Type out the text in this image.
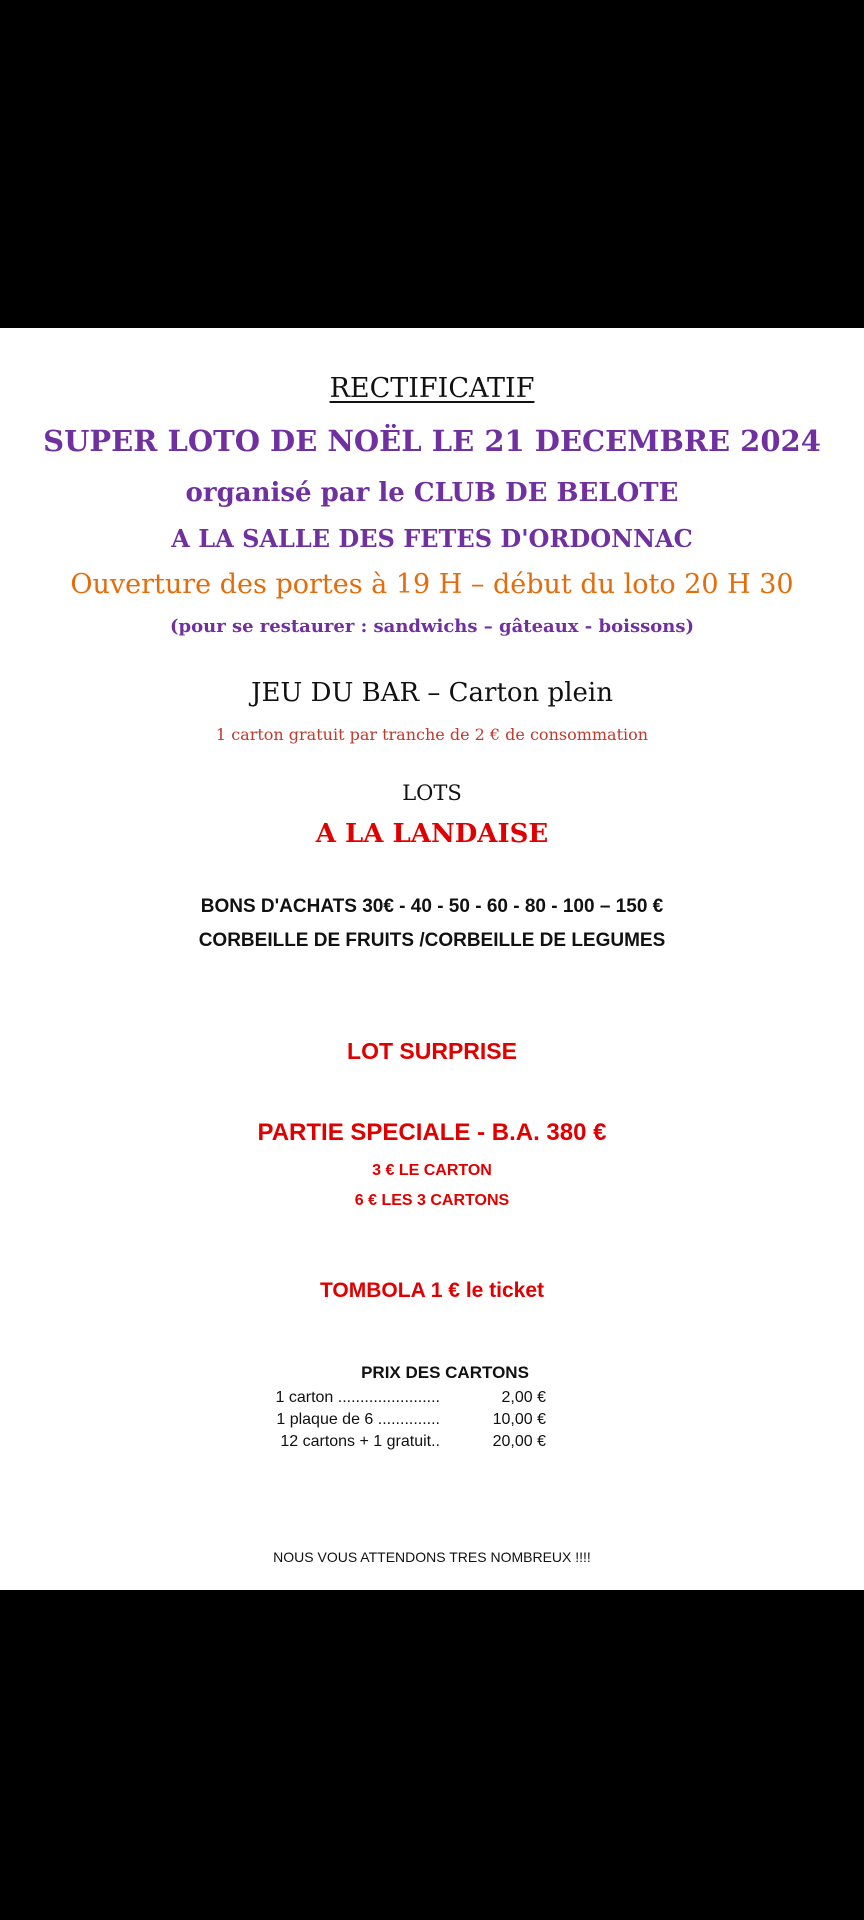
RECTIFICATIF
SUPER LOTO DE NOËL LE 21 DECEMBRE 2024
organisé par le CLUB DE BELOTE
A LA SALLE DES FETES D'ORDONNAC
Ouverture des portes à 19 H – début du loto 20 H 30
(pour se restaurer : sandwichs – gâteaux - boissons)
JEU DU BAR – Carton plein
1 carton gratuit par tranche de 2 € de consommation
LOTS
A LA LANDAISE
BONS D'ACHATS 30€ - 40 - 50 - 60 - 80 - 100 – 150 €
CORBEILLE DE FRUITS /CORBEILLE DE LEGUMES
LOT SURPRISE
PARTIE SPECIALE - B.A. 380 €
3 € LE CARTON
6 € LES 3 CARTONS
TOMBOLA 1 € le ticket
PRIX DES CARTONS
1 carton .......................	2,00 €
1 plaque de 6 ..............	10,00 €
12 cartons + 1 gratuit..	20,00 €
NOUS VOUS ATTENDONS TRES NOMBREUX !!!!
